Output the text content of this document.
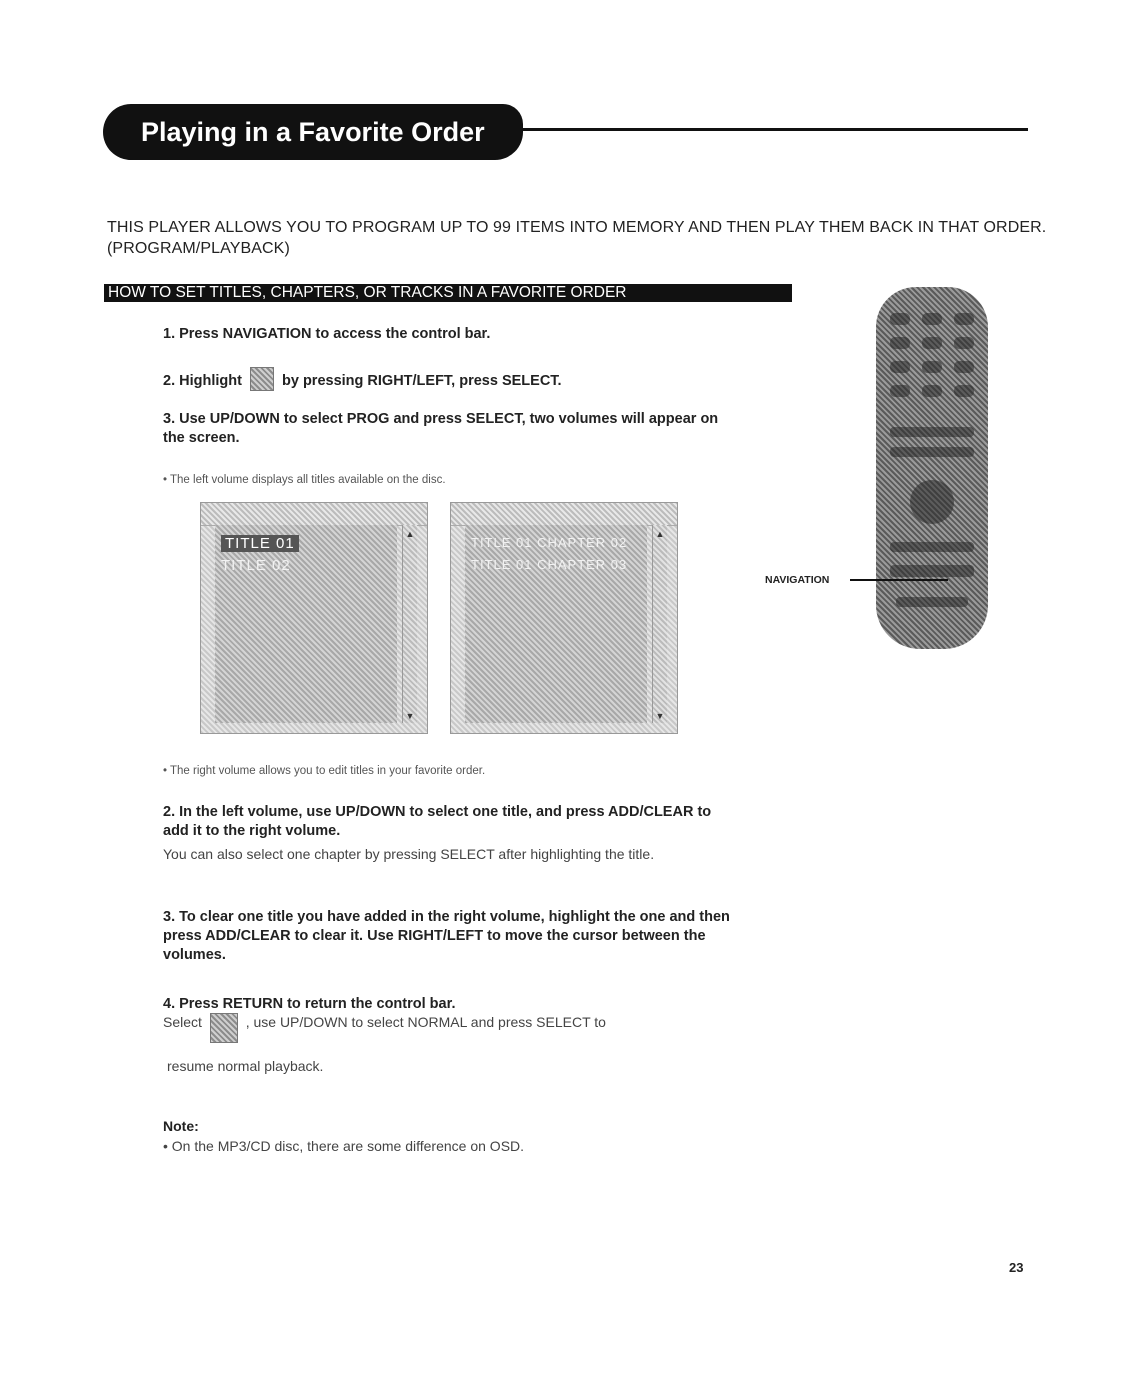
Playing in a Favorite Order
THIS PLAYER ALLOWS YOU TO PROGRAM UP TO 99 ITEMS INTO MEMORY AND THEN PLAY THEM BACK IN THAT ORDER. (PROGRAM/PLAYBACK)
HOW TO SET TITLES, CHAPTERS, OR TRACKS IN A FAVORITE ORDER
1. Press NAVIGATION to access the control bar.
2. Highlight	by pressing RIGHT/LEFT, press SELECT.
3. Use UP/DOWN to select PROG and press SELECT, two volumes will appear on the screen.
• The left volume displays all titles available on the disc.
TITLE 01
TITLE 02
▲
▼
TITLE 01 CHAPTER 02
TITLE 01 CHAPTER 03
▲
▼
NAVIGATION
• The right volume allows you to edit titles in your favorite order.
2. In the left volume, use UP/DOWN to select one title, and press ADD/CLEAR to add it to the right volume.
You can also select one chapter by pressing SELECT after highlighting the title.
3. To clear one title you have added in the right volume, highlight the one and then press ADD/CLEAR to clear it. Use RIGHT/LEFT to move the cursor between the volumes.
4. Press RETURN to return the control bar.
Select	, use UP/DOWN to select NORMAL and press SELECT to
resume normal playback.
Note:
• On the MP3/CD disc, there are some difference on OSD.
23
